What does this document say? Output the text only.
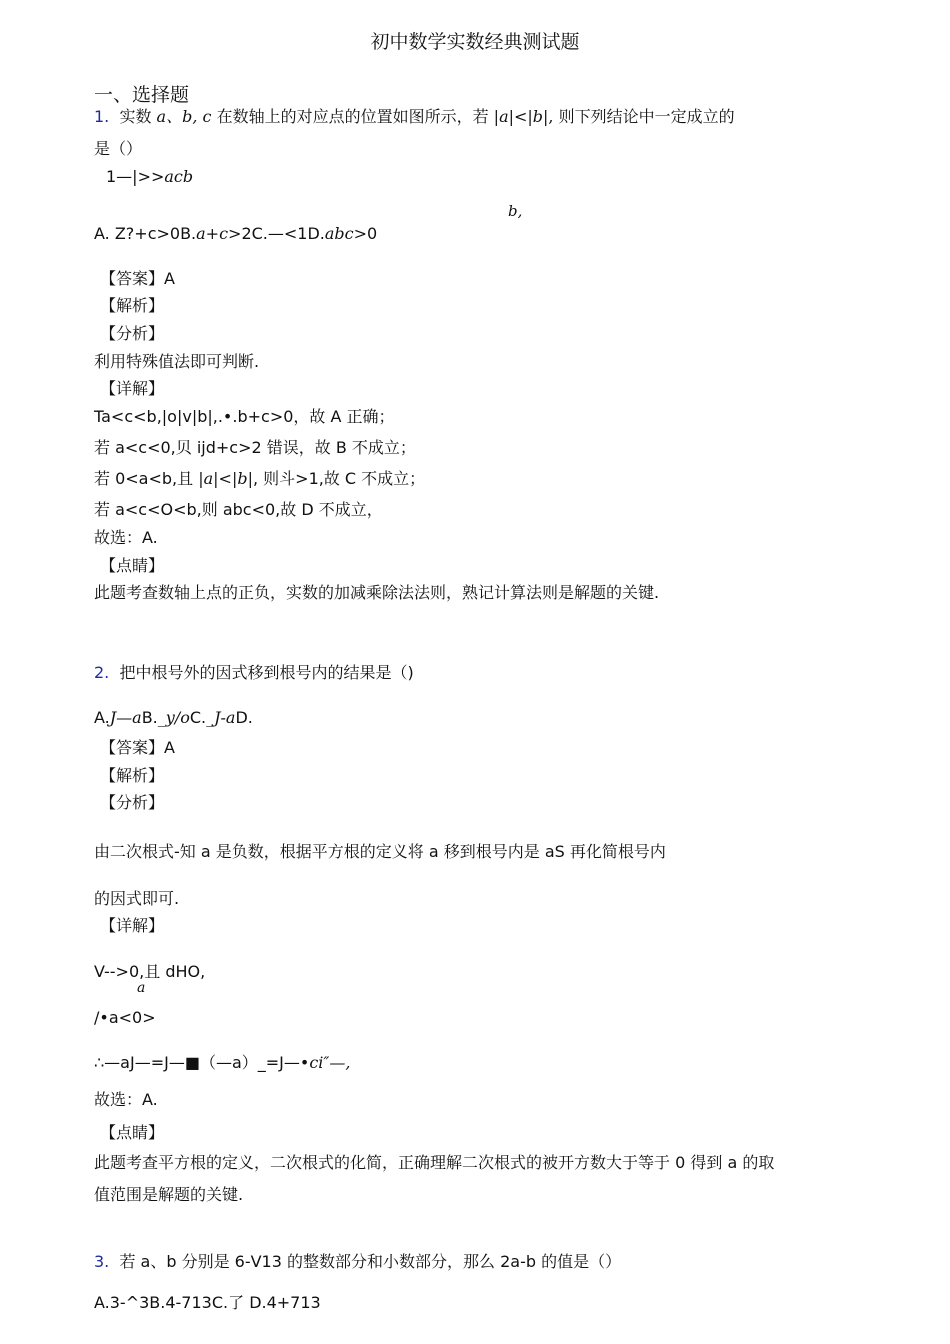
初中数学实数经典测试题
一、选择题
1. 实数 a、b, c 在数轴上的对应点的位置如图所示，若 |a|<|b|, 则下列结论中一定成立的
是（）
1—|>>acb
b,
A. Z?+c>0B.a+c>2C.—<1D.abc>0
【答案】A
【解析】
【分析】
利用特殊值法即可判断.
【详解】
Ta<c<b,|o|v|b|,.•.b+c>0，故 A 正确；
若 a<c<0,贝 ijd+c>2 错误，故 B 不成立；
若 0<a<b,且 |a|<|b|, 则斗>1,故 C 不成立；
若 a<c<O<b,则 abc<0,故 D 不成立，
故选：A.
【点睛】
此题考查数轴上点的正负，实数的加减乘除法法则，熟记计算法则是解题的关键.
2. 把中根号外的因式移到根号内的结果是（)
A.J—aB._y/oC._J-aD.
【答案】A
【解析】
【分析】
由二次根式-知 a 是负数，根据平方根的定义将 a 移到根号内是 aS 再化简根号内
的因式即可.
【详解】
V-->0,且 dHO,
a
/•a<0>
∴—aJ—=J—■（—a）_=J—•ci″—,
故选：A.
【点睛】
此题考查平方根的定义，二次根式的化简，正确理解二次根式的被开方数大于等于 0 得到 a 的取
值范围是解题的关键.
3. 若 a、b 分别是 6-V13 的整数部分和小数部分，那么 2a-b 的值是（）
A.3-^3B.4-713C.了 D.4+713
